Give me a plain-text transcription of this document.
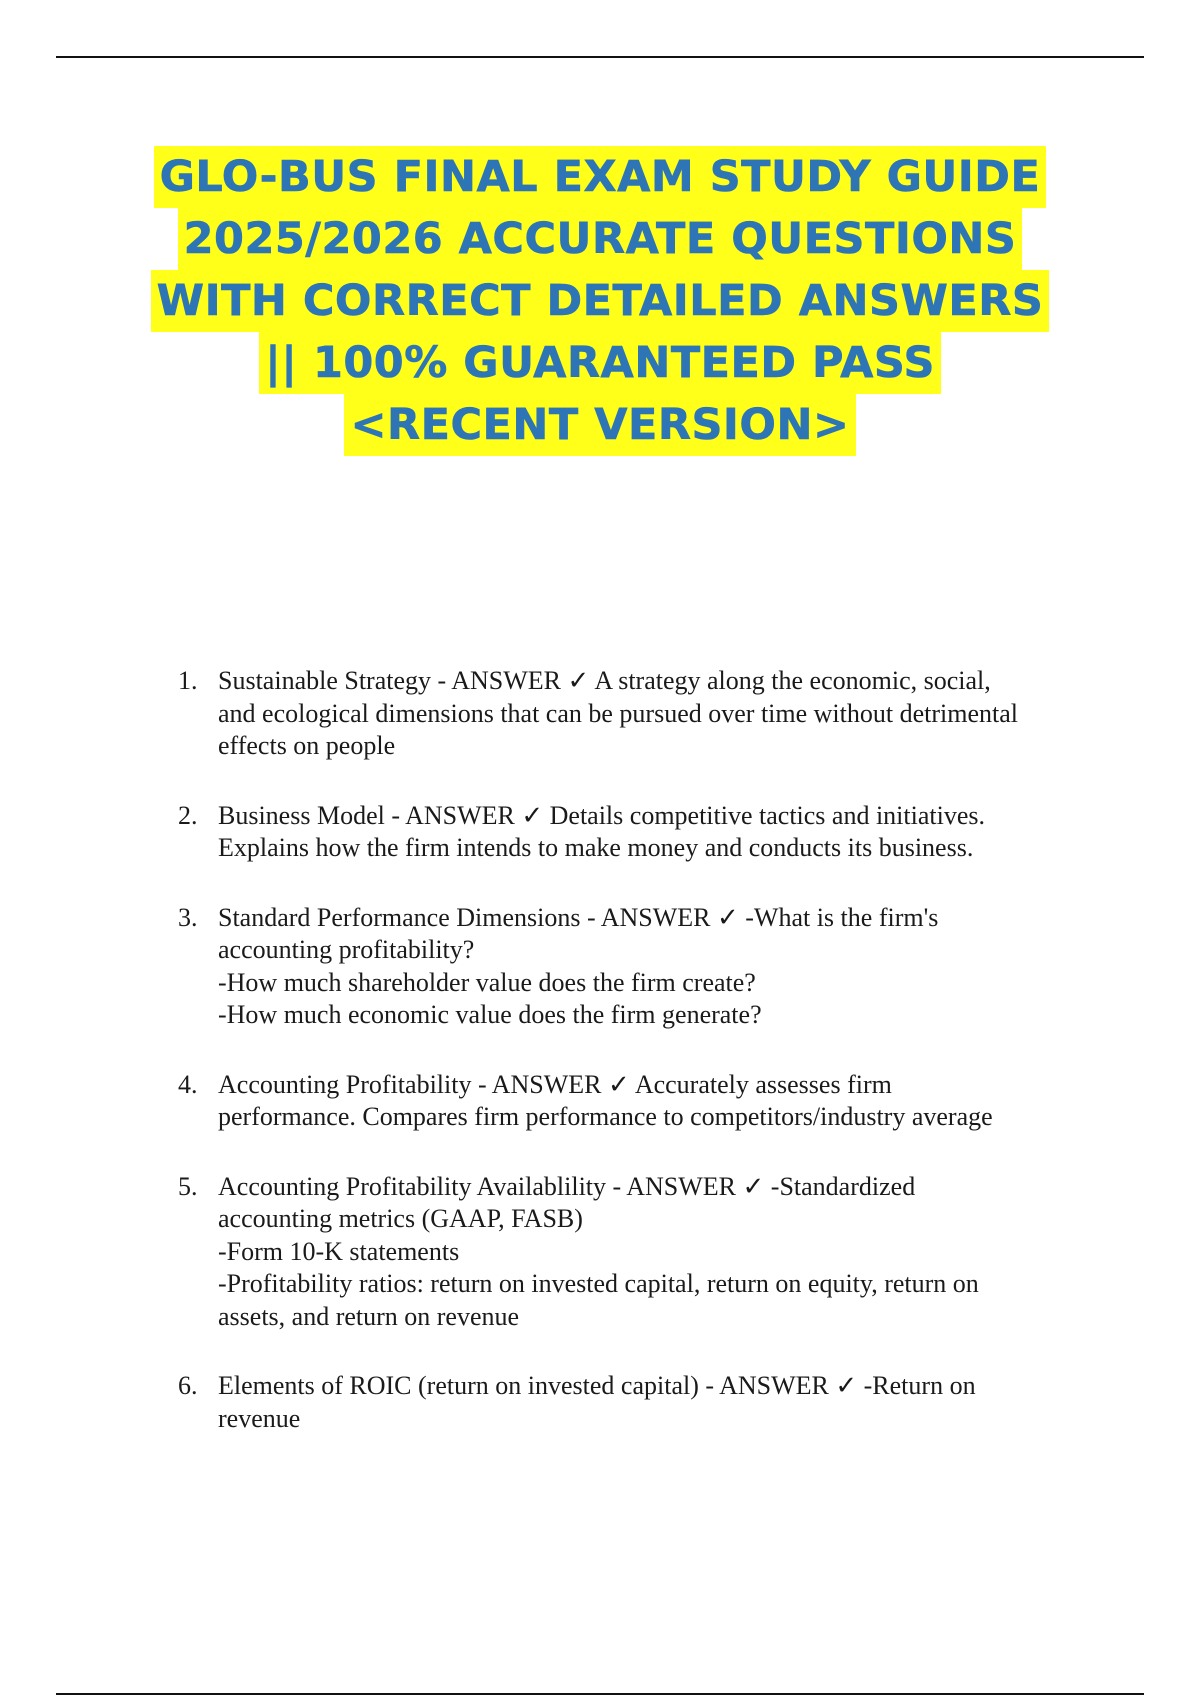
GLO-BUS FINAL EXAM STUDY GUIDE
2025/2026 ACCURATE QUESTIONS
WITH CORRECT DETAILED ANSWERS
|| 100% GUARANTEED PASS
<RECENT VERSION>
1. Sustainable Strategy - ANSWER ✓ A strategy along the economic, social,
and ecological dimensions that can be pursued over time without detrimental
effects on people
2. Business Model - ANSWER ✓ Details competitive tactics and initiatives.
Explains how the firm intends to make money and conducts its business.
3. Standard Performance Dimensions - ANSWER ✓ -What is the firm's
accounting profitability?
-How much shareholder value does the firm create?
-How much economic value does the firm generate?
4. Accounting Profitability - ANSWER ✓ Accurately assesses firm
performance. Compares firm performance to competitors/industry average
5. Accounting Profitability Availablility - ANSWER ✓ -Standardized
accounting metrics (GAAP, FASB)
-Form 10-K statements
-Profitability ratios: return on invested capital, return on equity, return on
assets, and return on revenue
6. Elements of ROIC (return on invested capital) - ANSWER ✓ -Return on
revenue
